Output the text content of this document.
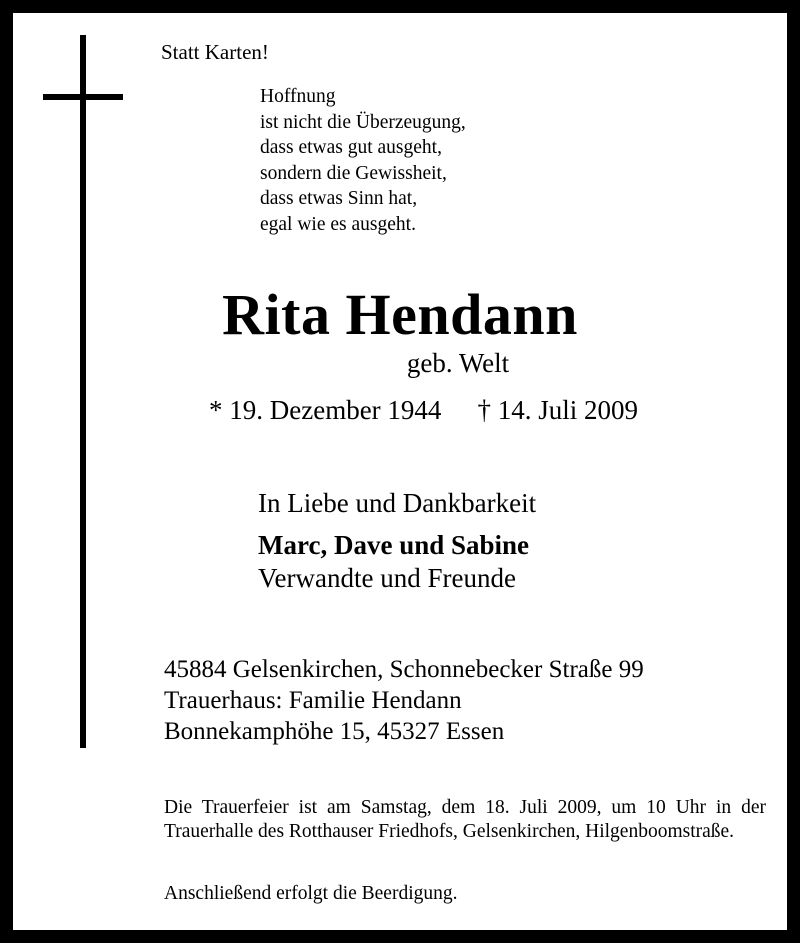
Statt Karten!
Hoffnung
ist nicht die Überzeugung,
dass etwas gut ausgeht,
sondern die Gewissheit,
dass etwas Sinn hat,
egal wie es ausgeht.
Rita Hendann
geb. Welt
* 19. Dezember 1944 † 14. Juli 2009
In Liebe und Dankbarkeit
Marc, Dave und Sabine
Verwandte und Freunde
45884 Gelsenkirchen, Schonnebecker Straße 99
Trauerhaus: Familie Hendann
Bonnekamphöhe 15, 45327 Essen
Die Trauerfeier ist am Samstag, dem 18. Juli 2009, um 10 Uhr in der Trauerhalle des Rotthauser Friedhofs, Gelsenkirchen, Hilgenboomstraße.
Anschließend erfolgt die Beerdigung.
